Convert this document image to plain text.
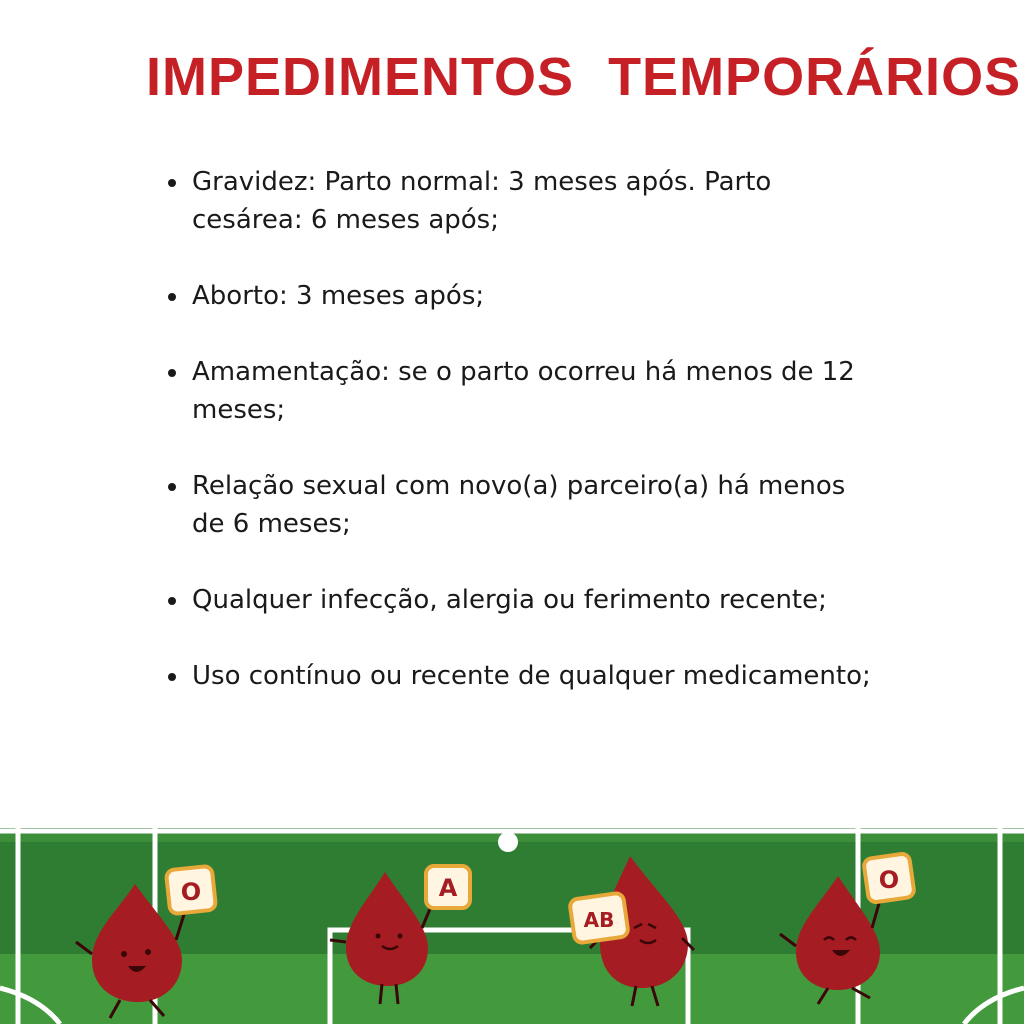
IMPEDIMENTOS TEMPORÁRIOS
Gravidez: Parto normal: 3 meses após. Parto cesárea: 6 meses após;
Aborto: 3 meses após;
Amamentação: se o parto ocorreu há menos de 12 meses;
Relação sexual com novo(a) parceiro(a) há menos de 6 meses;
Qualquer infecção, alergia ou ferimento recente;
Uso contínuo ou recente de qualquer medicamento;
O	A
AB
O
